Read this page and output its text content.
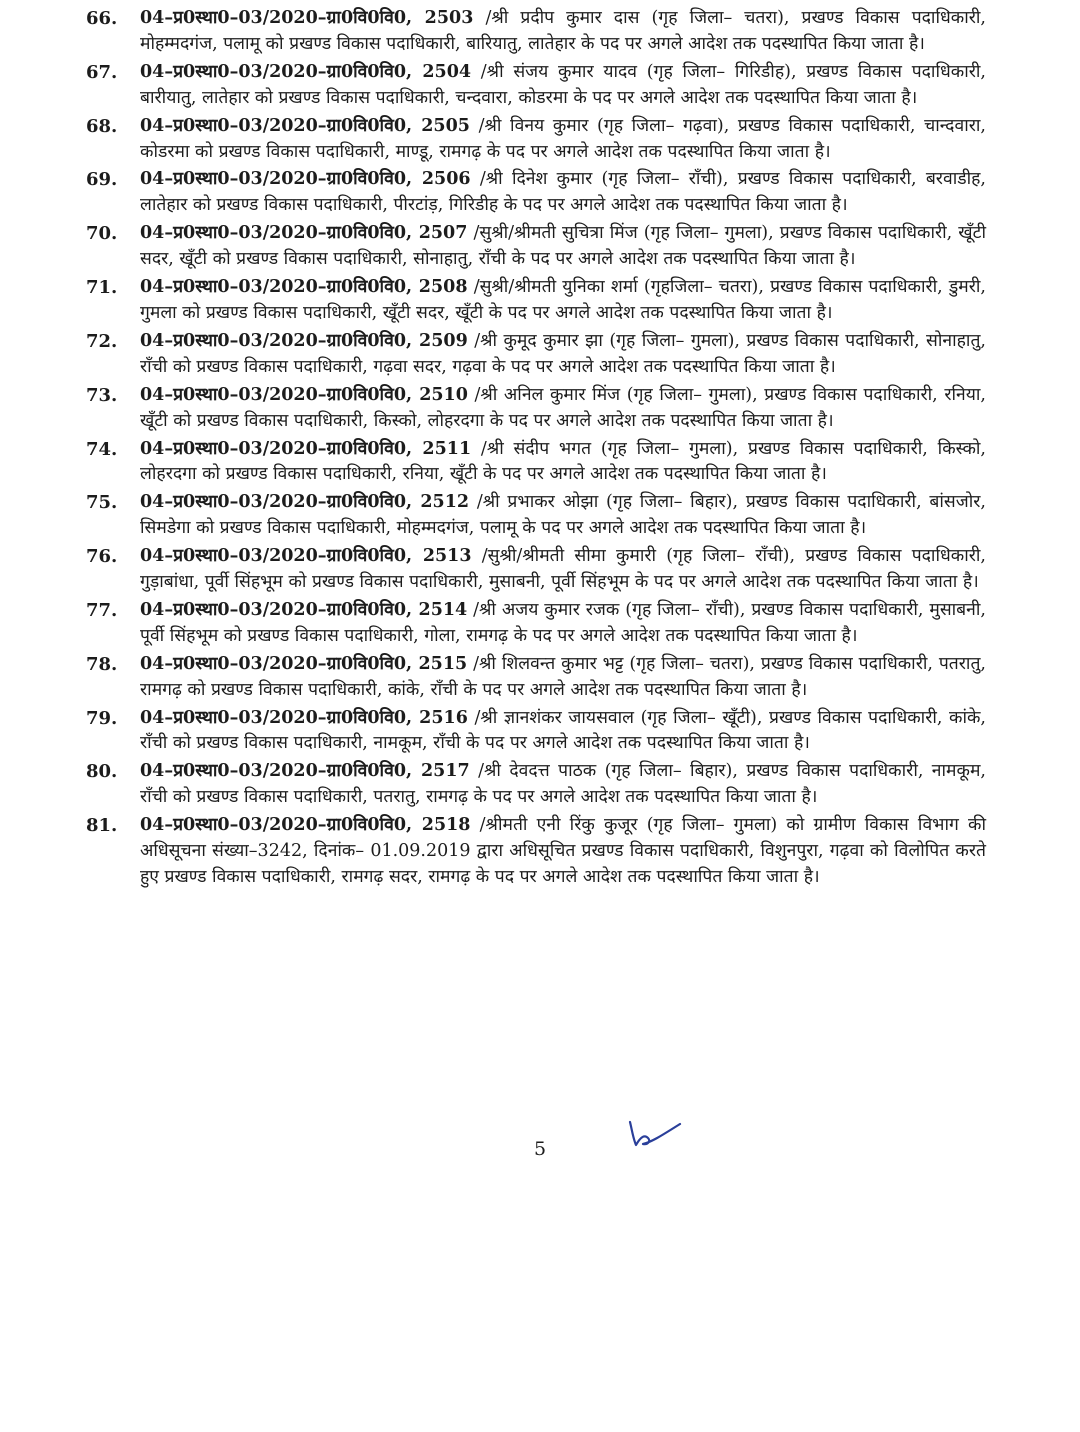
66.	04–प्र0स्था0–03/2020–ग्रा0वि0वि0, 2503 /श्री प्रदीप कुमार दास (गृह जिला– चतरा), प्रखण्ड विकास पदाधिकारी, मोहम्मदगंज, पलामू को प्रखण्ड विकास पदाधिकारी, बारियातु, लातेहार के पद पर अगले आदेश तक पदस्थापित किया जाता है।
67.	04–प्र0स्था0–03/2020–ग्रा0वि0वि0, 2504 /श्री संजय कुमार यादव (गृह जिला– गिरिडीह), प्रखण्ड विकास पदाधिकारी, बारीयातु, लातेहार को प्रखण्ड विकास पदाधिकारी, चन्दवारा, कोडरमा के पद पर अगले आदेश तक पदस्थापित किया जाता है।
68.	04–प्र0स्था0–03/2020–ग्रा0वि0वि0, 2505 /श्री विनय कुमार (गृह जिला– गढ़वा), प्रखण्ड विकास पदाधिकारी, चान्दवारा, कोडरमा को प्रखण्ड विकास पदाधिकारी, माण्डू, रामगढ़ के पद पर अगले आदेश तक पदस्थापित किया जाता है।
69.	04–प्र0स्था0–03/2020–ग्रा0वि0वि0, 2506 /श्री दिनेश कुमार (गृह जिला– राँची), प्रखण्ड विकास पदाधिकारी, बरवाडीह, लातेहार को प्रखण्ड विकास पदाधिकारी, पीरटांड़, गिरिडीह के पद पर अगले आदेश तक पदस्थापित किया जाता है।
70.	04–प्र0स्था0–03/2020–ग्रा0वि0वि0, 2507 /सुश्री/श्रीमती सुचित्रा मिंज (गृह जिला– गुमला), प्रखण्ड विकास पदाधिकारी, खूँटी सदर, खूँटी को प्रखण्ड विकास पदाधिकारी, सोनाहातु, राँची के पद पर अगले आदेश तक पदस्थापित किया जाता है।
71.	04–प्र0स्था0–03/2020–ग्रा0वि0वि0, 2508 /सुश्री/श्रीमती युनिका शर्मा (गृहजिला– चतरा), प्रखण्ड विकास पदाधिकारी, डुमरी, गुमला को प्रखण्ड विकास पदाधिकारी, खूँटी सदर, खूँटी के पद पर अगले आदेश तक पदस्थापित किया जाता है।
72.	04–प्र0स्था0–03/2020–ग्रा0वि0वि0, 2509 /श्री कुमूद कुमार झा (गृह जिला– गुमला), प्रखण्ड विकास पदाधिकारी, सोनाहातु, राँची को प्रखण्ड विकास पदाधिकारी, गढ़वा सदर, गढ़वा के पद पर अगले आदेश तक पदस्थापित किया जाता है।
73.	04–प्र0स्था0–03/2020–ग्रा0वि0वि0, 2510 /श्री अनिल कुमार मिंज (गृह जिला– गुमला), प्रखण्ड विकास पदाधिकारी, रनिया, खूँटी को प्रखण्ड विकास पदाधिकारी, किस्को, लोहरदगा के पद पर अगले आदेश तक पदस्थापित किया जाता है।
74.	04–प्र0स्था0–03/2020–ग्रा0वि0वि0, 2511 /श्री संदीप भगत (गृह जिला– गुमला), प्रखण्ड विकास पदाधिकारी, किस्को, लोहरदगा को प्रखण्ड विकास पदाधिकारी, रनिया, खूँटी के पद पर अगले आदेश तक पदस्थापित किया जाता है।
75.	04–प्र0स्था0–03/2020–ग्रा0वि0वि0, 2512 /श्री प्रभाकर ओझा (गृह जिला– बिहार), प्रखण्ड विकास पदाधिकारी, बांसजोर, सिमडेगा को प्रखण्ड विकास पदाधिकारी, मोहम्मदगंज, पलामू के पद पर अगले आदेश तक पदस्थापित किया जाता है।
76.	04–प्र0स्था0–03/2020–ग्रा0वि0वि0, 2513 /सुश्री/श्रीमती सीमा कुमारी (गृह जिला– राँची), प्रखण्ड विकास पदाधिकारी, गुड़ाबांधा, पूर्वी सिंहभूम को प्रखण्ड विकास पदाधिकारी, मुसाबनी, पूर्वी सिंहभूम के पद पर अगले आदेश तक पदस्थापित किया जाता है।
77.	04–प्र0स्था0–03/2020–ग्रा0वि0वि0, 2514 /श्री अजय कुमार रजक (गृह जिला– राँची), प्रखण्ड विकास पदाधिकारी, मुसाबनी, पूर्वी सिंहभूम को प्रखण्ड विकास पदाधिकारी, गोला, रामगढ़ के पद पर अगले आदेश तक पदस्थापित किया जाता है।
78.	04–प्र0स्था0–03/2020–ग्रा0वि0वि0, 2515 /श्री शिलवन्त कुमार भट्ट (गृह जिला– चतरा), प्रखण्ड विकास पदाधिकारी, पतरातु, रामगढ़ को प्रखण्ड विकास पदाधिकारी, कांके, राँची के पद पर अगले आदेश तक पदस्थापित किया जाता है।
79.	04–प्र0स्था0–03/2020–ग्रा0वि0वि0, 2516 /श्री ज्ञानशंकर जायसवाल (गृह जिला– खूँटी), प्रखण्ड विकास पदाधिकारी, कांके, राँची को प्रखण्ड विकास पदाधिकारी, नामकूम, राँची के पद पर अगले आदेश तक पदस्थापित किया जाता है।
80.	04–प्र0स्था0–03/2020–ग्रा0वि0वि0, 2517 /श्री देवदत्त पाठक (गृह जिला– बिहार), प्रखण्ड विकास पदाधिकारी, नामकूम, राँची को प्रखण्ड विकास पदाधिकारी, पतरातु, रामगढ़ के पद पर अगले आदेश तक पदस्थापित किया जाता है।
81.	04–प्र0स्था0–03/2020–ग्रा0वि0वि0, 2518 /श्रीमती एनी रिंकु कुजूर (गृह जिला– गुमला) को ग्रामीण विकास विभाग की अधिसूचना संख्या–3242, दिनांक– 01.09.2019 द्वारा अधिसूचित प्रखण्ड विकास पदाधिकारी, विशुनपुरा, गढ़वा को विलोपित करते हुए प्रखण्ड विकास पदाधिकारी, रामगढ़ सदर, रामगढ़ के पद पर अगले आदेश तक पदस्थापित किया जाता है।
5
